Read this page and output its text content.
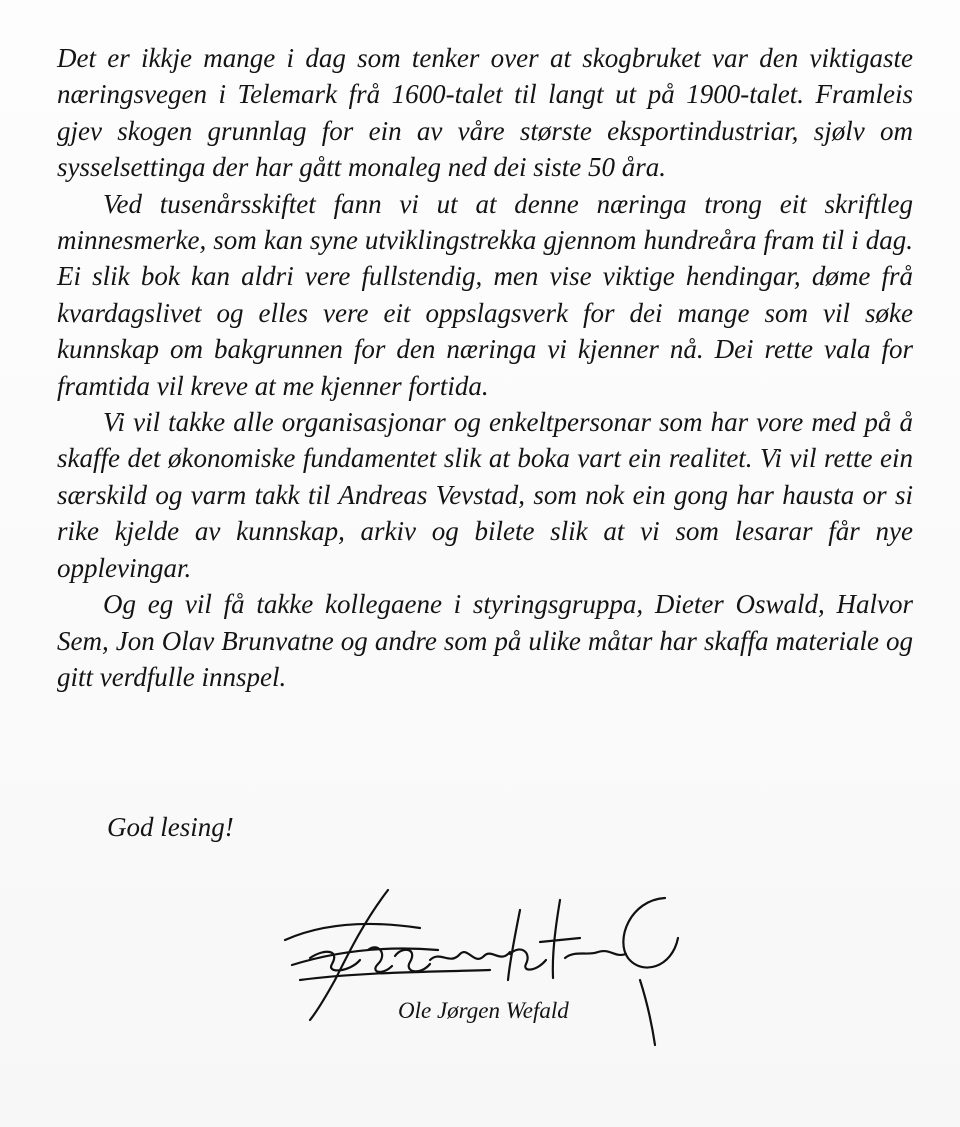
Det er ikkje mange i dag som tenker over at skogbruket var den viktigaste næringsvegen i Telemark frå 1600-talet til langt ut på 1900-talet. Framleis gjev skogen grunnlag for ein av våre største eksportindustriar, sjølv om sysselsettinga der har gått monaleg ned dei siste 50 åra.

Ved tusenårsskiftet fann vi ut at denne næringa trong eit skriftleg minnesmerke, som kan syne utviklingstrekka gjennom hundreåra fram til i dag. Ei slik bok kan aldri vere fullstendig, men vise viktige hendingar, døme frå kvardagslivet og elles vere eit oppslagsverk for dei mange som vil søke kunnskap om bakgrunnen for den næringa vi kjenner nå. Dei rette vala for framtida vil kreve at me kjenner fortida.

Vi vil takke alle organisasjonar og enkeltpersonar som har vore med på å skaffe det økonomiske fundamentet slik at boka vart ein realitet. Vi vil rette ein særskild og varm takk til Andreas Vevstad, som nok ein gong har hausta or si rike kjelde av kunnskap, arkiv og bilete slik at vi som lesarar får nye opplevingar.

Og eg vil få takke kollegaene i styringsgruppa, Dieter Oswald, Halvor Sem, Jon Olav Brunvatne og andre som på ulike måtar har skaffa materiale og gitt verdfulle innspel.

God lesing!
Ole Jørgen Wefald
